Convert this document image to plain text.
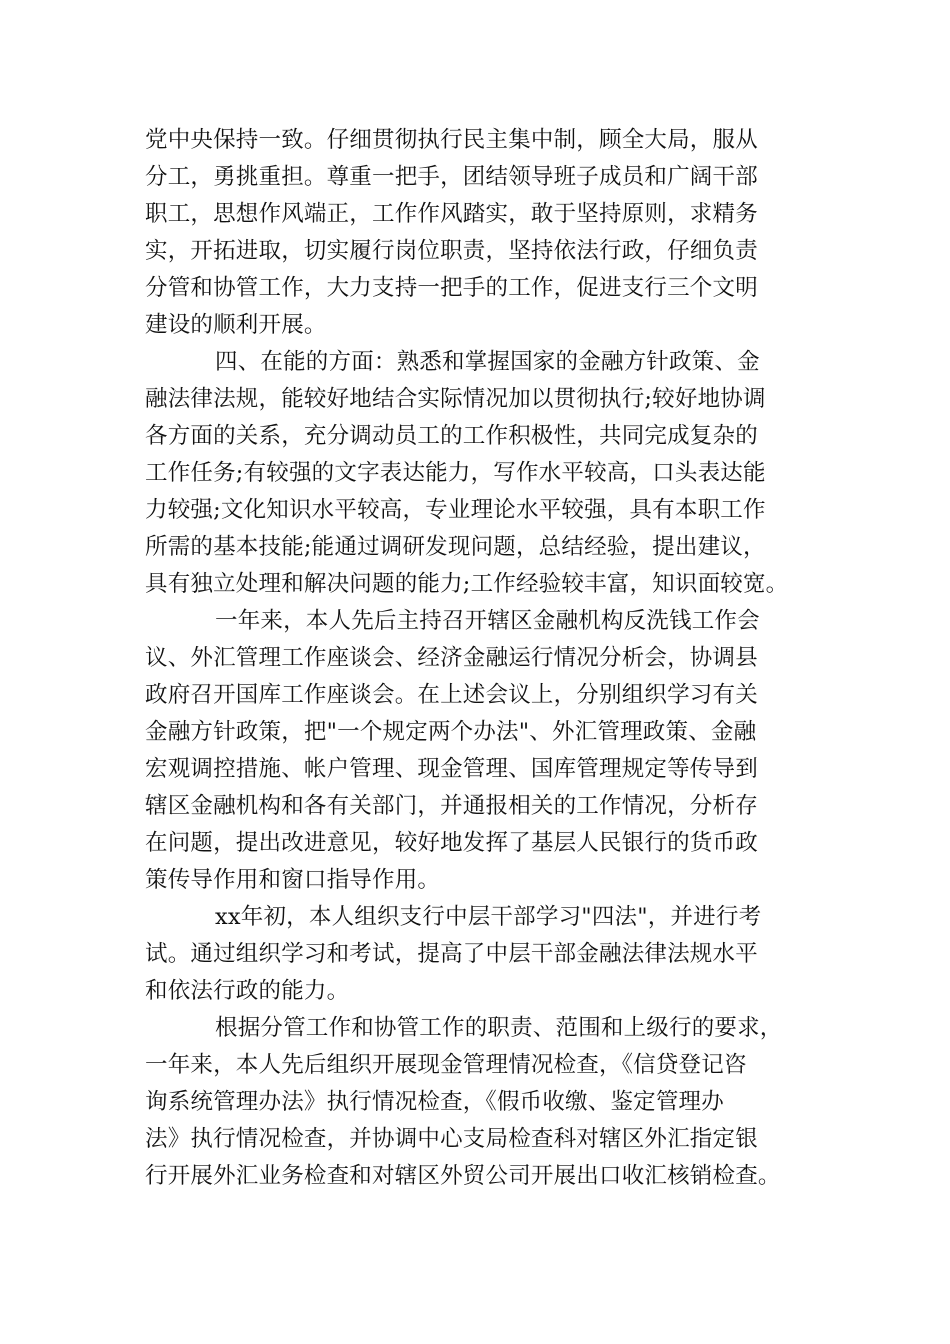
党中央保持一致。仔细贯彻执行民主集中制，顾全大局，服从
分工，勇挑重担。尊重一把手，团结领导班子成员和广阔干部
职工，思想作风端正，工作作风踏实，敢于坚持原则，求精务
实，开拓进取，切实履行岗位职责，坚持依法行政，仔细负责
分管和协管工作，大力支持一把手的工作，促进支行三个文明
建设的顺利开展。
四、在能的方面：熟悉和掌握国家的金融方针政策、金
融法律法规，能较好地结合实际情况加以贯彻执行;较好地协调
各方面的关系，充分调动员工的工作积极性，共同完成复杂的
工作任务;有较强的文字表达能力，写作水平较高，口头表达能
力较强;文化知识水平较高，专业理论水平较强，具有本职工作
所需的基本技能;能通过调研发现问题，总结经验，提出建议，
具有独立处理和解决问题的能力;工作经验较丰富，知识面较宽。
一年来，本人先后主持召开辖区金融机构反洗钱工作会
议、外汇管理工作座谈会、经济金融运行情况分析会，协调县
政府召开国库工作座谈会。在上述会议上，分别组织学习有关
金融方针政策，把"一个规定两个办法"、外汇管理政策、金融
宏观调控措施、帐户管理、现金管理、国库管理规定等传导到
辖区金融机构和各有关部门，并通报相关的工作情况，分析存
在问题，提出改进意见，较好地发挥了基层人民银行的货币政
策传导作用和窗口指导作用。
xx年初，本人组织支行中层干部学习"四法"，并进行考
试。通过组织学习和考试，提高了中层干部金融法律法规水平
和依法行政的能力。
根据分管工作和协管工作的职责、范围和上级行的要求，
一年来，本人先后组织开展现金管理情况检查，《信贷登记咨
询系统管理办法》执行情况检查，《假币收缴、鉴定管理办
法》执行情况检查，并协调中心支局检查科对辖区外汇指定银
行开展外汇业务检查和对辖区外贸公司开展出口收汇核销检查。
